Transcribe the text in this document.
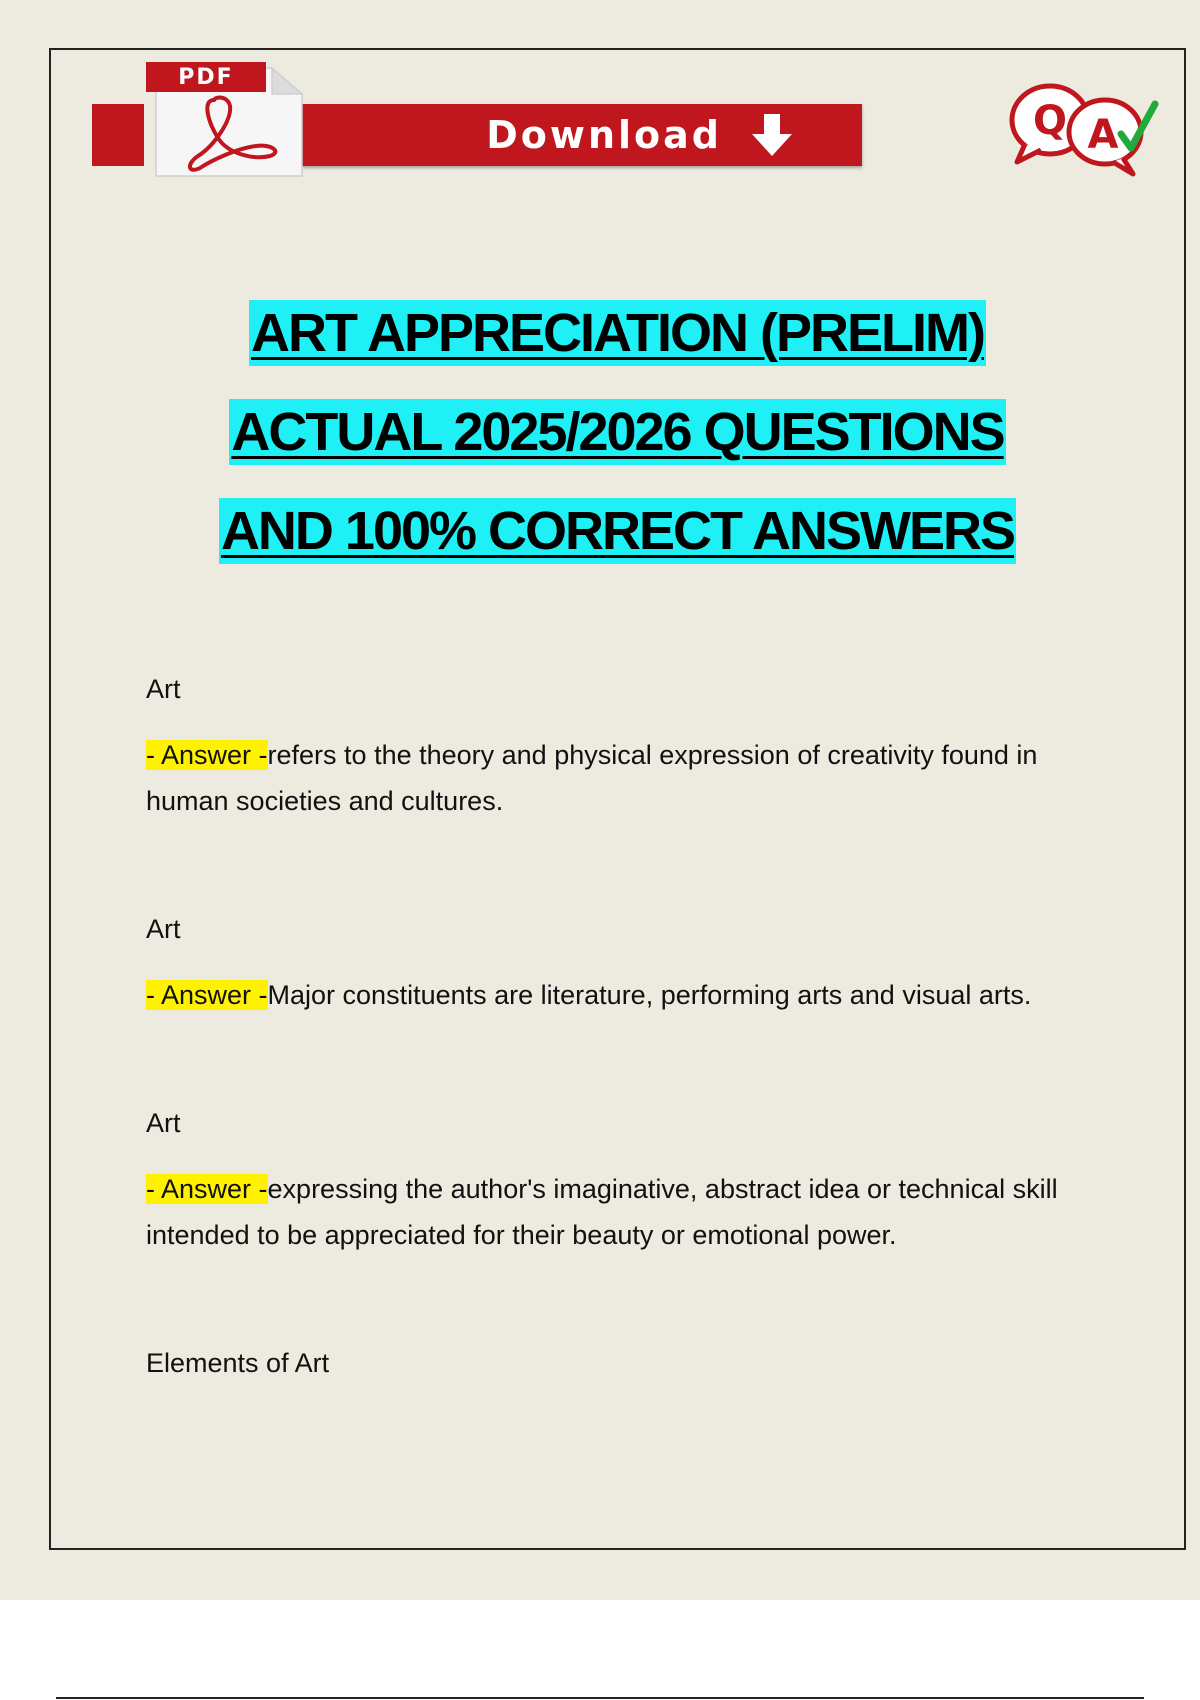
Download
PDF
Q A
ART APPRECIATION (PRELIM)
ACTUAL 2025/2026 QUESTIONS
AND 100% CORRECT ANSWERS
Art
- Answer -refers to the theory and physical expression of creativity found in human societies and cultures.
Art
- Answer -Major constituents are literature, performing arts and visual arts.
Art
- Answer -expressing the author's imaginative, abstract idea or technical skill intended to be appreciated for their beauty or emotional power.
Elements of Art
